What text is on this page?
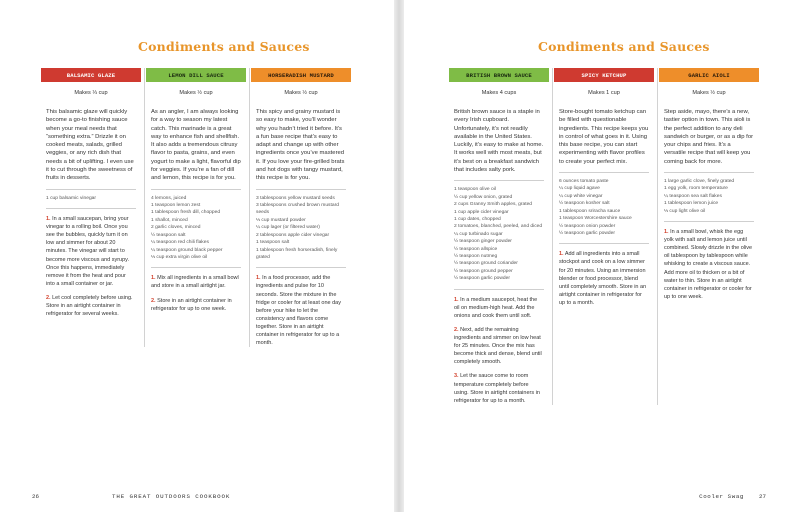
Condiments and Sauces
BALSAMIC GLAZE
Makes ⅓ cup
This balsamic glaze will quickly become a go-to finishing sauce when your meal needs that “something extra.” Drizzle it on cooked meats, salads, grilled veggies, or any rich dish that needs a bit of uplifting. I even use it to cut through the sweetness of fruits in desserts.
1 cup balsamic vinegar
1. In a small saucepan, bring your vinegar to a rolling boil. Once you see the bubbles, quickly turn it on low and simmer for about 20 minutes. The vinegar will start to become more viscous and syrupy. Once this happens, immediately remove it from the heat and pour into a small container or jar.
2. Let cool completely before using. Store in an airtight container in refrigerator for several weeks.
LEMON DILL SAUCE
Makes ½ cup
As an angler, I am always looking for a way to season my latest catch. This marinade is a great way to enhance fish and shellfish. It also adds a tremendous citrusy flavor to pasta, grains, and even yogurt to make a light, flavorful dip for veggies. If you’re a fan of dill and lemon, this recipe is for you.
4 lemons, juiced
1 teaspoon lemon zest
1 tablespoon fresh dill, chopped
1 shallot, minced
2 garlic cloves, minced
½ teaspoon salt
¼ teaspoon red chili flakes
¼ teaspoon ground black pepper
⅓ cup extra virgin olive oil
1. Mix all ingredients in a small bowl and store in a small airtight jar.
2. Store in an airtight container in refrigerator for up to one week.
HORSERADISH MUSTARD
Makes ½ cup
This spicy and grainy mustard is so easy to make, you’ll wonder why you hadn’t tried it before. It’s a fun base recipe that’s easy to adapt and change up with other ingredients once you’ve mastered it. If you love your fire-grilled brats and hot dogs with tangy mustard, this recipe is for you.
3 tablespoons yellow mustard seeds
3 tablespoons crushed brown mustard seeds
⅓ cup mustard powder
¼ cup lager (or filtered water)
2 tablespoons apple cider vinegar
1 teaspoon salt
1 tablespoon fresh horseradish, finely grated
1. In a food processor, add the ingredients and pulse for 10 seconds. Store the mixture in the fridge or cooler for at least one day before your hike to let the consistency and flavors come together. Store in an airtight container in refrigerator for up to a month.
26	THE GREAT OUTDOORS COOKBOOK
Condiments and Sauces
BRITISH BROWN SAUCE
Makes 4 cups
British brown sauce is a staple in every Irish cupboard. Unfortunately, it’s not readily available in the United States. Luckily, it’s easy to make at home. It works well with most meats, but it’s best on a breakfast sandwich that includes salty pork.
1 teaspoon olive oil
½ cup yellow onion, grated
2 cups Granny Smith apples, grated
1 cup apple cider vinegar
1 cup dates, chopped
2 tomatoes, blanched, peeled, and diced
¼ cup turbinado sugar
½ teaspoon ginger powder
½ teaspoon allspice
½ teaspoon nutmeg
½ teaspoon ground coriander
½ teaspoon ground pepper
½ teaspoon garlic powder
1. In a medium saucepot, heat the oil on medium-high heat. Add the onions and cook them until soft.
2. Next, add the remaining ingredients and simmer on low heat for 25 minutes. Once the mix has become thick and dense, blend until completely smooth.
3. Let the sauce come to room temperature completely before using. Store in airtight containers in refrigerator for up to a month.
SPICY KETCHUP
Makes 1 cup
Store-bought tomato ketchup can be filled with questionable ingredients. This recipe keeps you in control of what goes in it. Using this base recipe, you can start experimenting with flavor profiles to create your perfect mix.
6 ounces tomato paste
¼ cup liquid agave
¼ cup white vinegar
½ teaspoon kosher salt
1 tablespoon sriracha sauce
1 teaspoon Worcestershire sauce
½ teaspoon onion powder
½ teaspoon garlic powder
1. Add all ingredients into a small stockpot and cook on a low simmer for 20 minutes. Using an immersion blender or food processor, blend until completely smooth. Store in an airtight container in refrigerator for up to a month.
GARLIC AIOLI
Makes ½ cup
Step aside, mayo, there’s a new, tastier option in town. This aioli is the perfect addition to any deli sandwich or burger, or as a dip for your chips and fries. It’s a versatile recipe that will keep you coming back for more.
1 large garlic clove, finely grated
1 egg yolk, room temperature
¼ teaspoon sea salt flakes
1 tablespoon lemon juice
⅓ cup light olive oil
1. In a small bowl, whisk the egg yolk with salt and lemon juice until combined. Slowly drizzle in the olive oil tablespoon by tablespoon while whisking to create a viscous sauce. Add more oil to thicken or a bit of water to thin. Store in an airtight container in refrigerator or cooler for up to one week.
Cooler Swag	27
